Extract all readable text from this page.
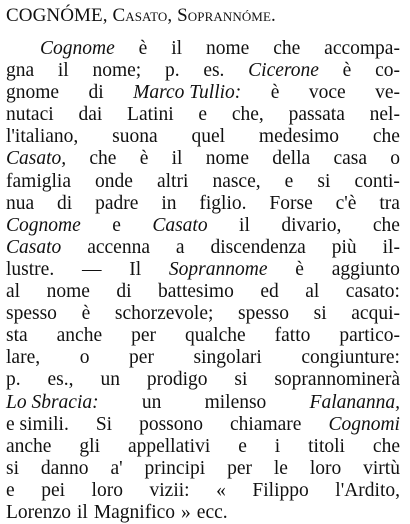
COGNÓME, Casato, Soprannóme.
Cognome è il nome che accompa-
gna il nome; p. es. Cicerone è co-
gnome di Marco Tullio: è voce ve-
nutaci dai Latini e che, passata nel-
l'italiano, suona quel medesimo che
Casato, che è il nome della casa o
famiglia onde altri nasce, e si conti-
nua di padre in figlio. Forse c'è tra
Cognome e Casato il divario, che
Casato accenna a discendenza più il-
lustre. — Il Soprannome è aggiunto
al nome di battesimo ed al casato:
spesso è schorzevole; spesso si acqui-
sta anche per qualche fatto partico-
lare, o per singolari congiunture:
p. es., un prodigo si soprannominerà
Lo Sbracia: un milenso Falananna,
e simili. Si possono chiamare Cognomi
anche gli appellativi e i titoli che
si danno a' principi per le loro virtù
e pei loro vizii: « Filippo l'Ardito,
Lorenzo il Magnifico » ecc.
